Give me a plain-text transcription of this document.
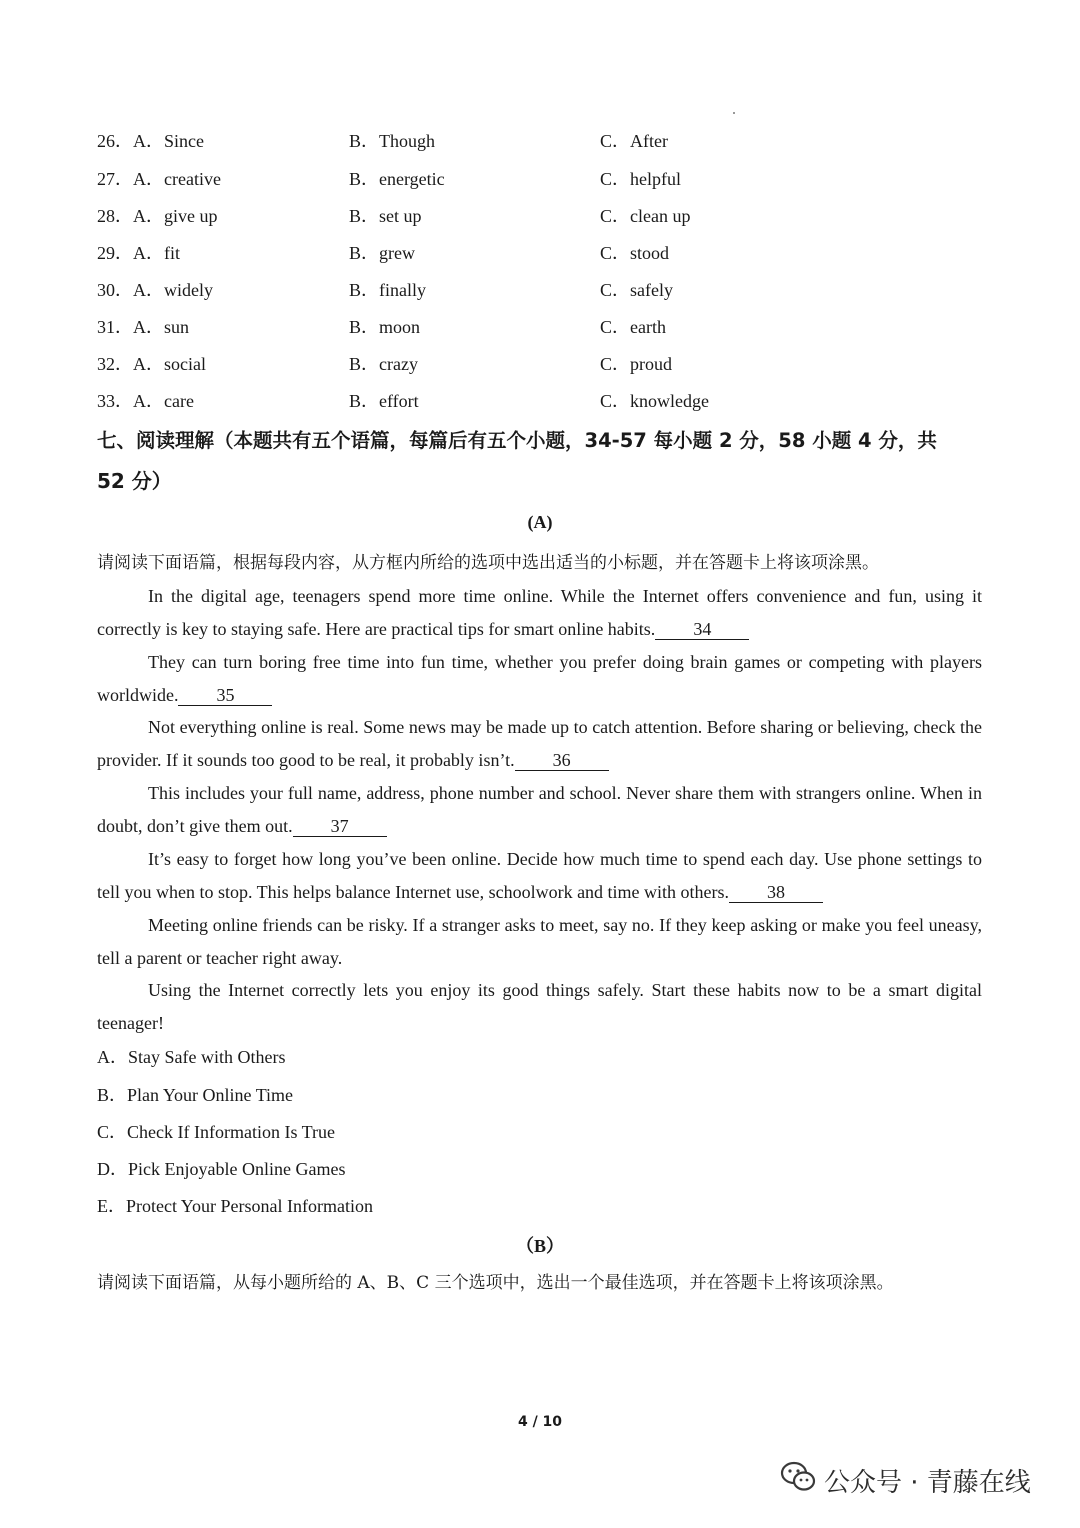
26．A．Since	B．Though	C．After
27．A．creative	B．energetic	C．helpful
28．A．give up	B．set up	C．clean up
29．A．fit	B．grew	C．stood
30．A．widely	B．finally	C．safely
31．A．sun	B．moon	C．earth
32．A．social	B．crazy	C．proud
33．A．care	B．effort	C．knowledge
七、阅读理解（本题共有五个语篇，每篇后有五个小题，34-57 每小题 2 分，58 小题 4 分，共
52 分）
(A)
请阅读下面语篇，根据每段内容，从方框内所给的选项中选出适当的小标题，并在答题卡上将该项涂黑。
In the digital age, teenagers spend more time online. While the Internet offers convenience and fun, using it correctly is key to staying safe. Here are practical tips for smart online habits. 34
They can turn boring free time into fun time, whether you prefer doing brain games or competing with players worldwide. 35
Not everything online is real. Some news may be made up to catch attention. Before sharing or believing, check the provider. If it sounds too good to be real, it probably isn’t. 36
This includes your full name, address, phone number and school. Never share them with strangers online. When in doubt, don’t give them out. 37
It’s easy to forget how long you’ve been online. Decide how much time to spend each day. Use phone settings to tell you when to stop. This helps balance Internet use, schoolwork and time with others. 38
Meeting online friends can be risky. If a stranger asks to meet, say no. If they keep asking or make you feel uneasy, tell a parent or teacher right away.
Using the Internet correctly lets you enjoy its good things safely. Start these habits now to be a smart digital teenager!
A．Stay Safe with Others
B．Plan Your Online Time
C．Check If Information Is True
D．Pick Enjoyable Online Games
E．Protect Your Personal Information
（B）
请阅读下面语篇，从每小题所给的 A、B、C 三个选项中，选出一个最佳选项，并在答题卡上将该项涂黑。
4 / 10
公众号 · 青藤在线
